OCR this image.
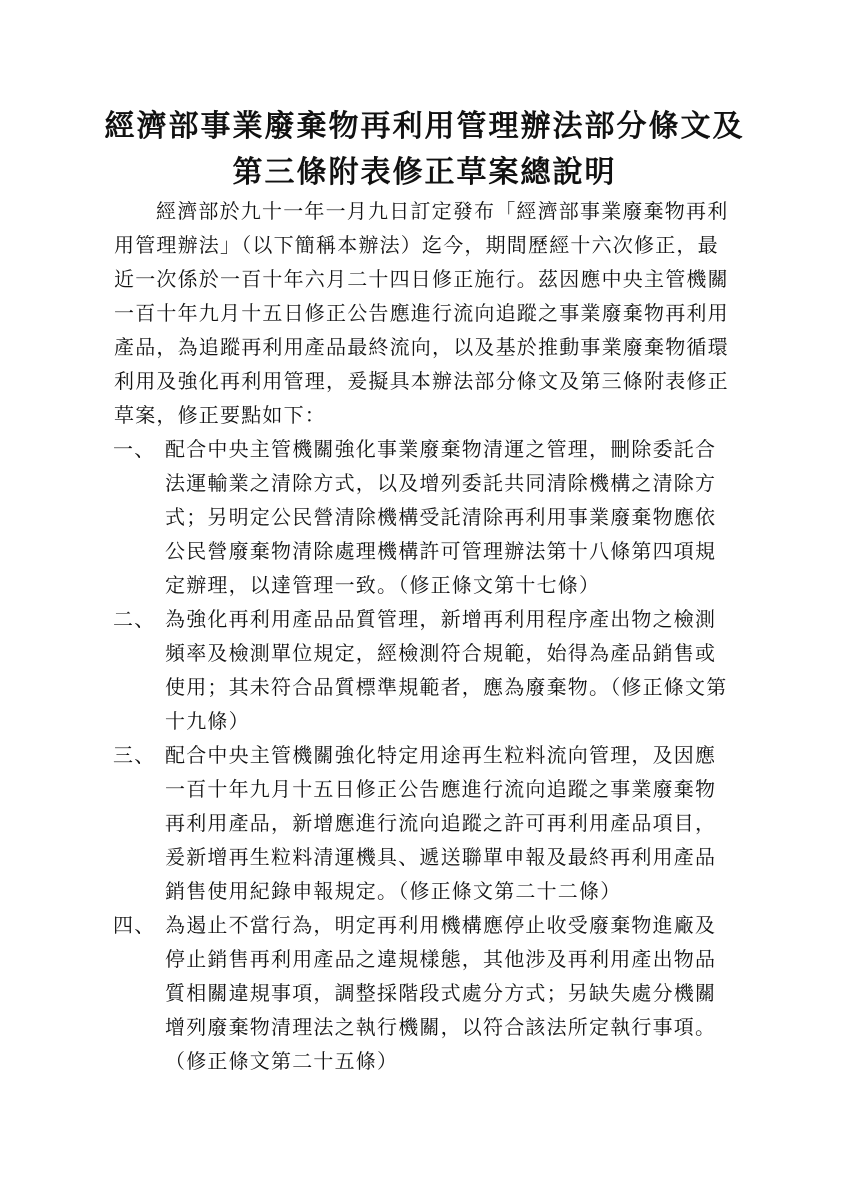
經濟部事業廢棄物再利用管理辦法部分條文及
第三條附表修正草案總說明

經濟部於九十一年一月九日訂定發布「經濟部事業廢棄物再利用管理辦法」（以下簡稱本辦法）迄今，期間歷經十六次修正，最近一次係於一百十年六月二十四日修正施行。茲因應中央主管機關一百十年九月十五日修正公告應進行流向追蹤之事業廢棄物再利用產品，為追蹤再利用產品最終流向，以及基於推動事業廢棄物循環利用及強化再利用管理，爰擬具本辦法部分條文及第三條附表修正草案，修正要點如下：

一、 配合中央主管機關強化事業廢棄物清運之管理，刪除委託合法運輸業之清除方式，以及增列委託共同清除機構之清除方式；另明定公民營清除機構受託清除再利用事業廢棄物應依公民營廢棄物清除處理機構許可管理辦法第十八條第四項規定辦理，以達管理一致。（修正條文第十七條）
二、 為強化再利用產品品質管理，新增再利用程序產出物之檢測頻率及檢測單位規定，經檢測符合規範，始得為產品銷售或使用；其未符合品質標準規範者，應為廢棄物。（修正條文第十九條）
三、 配合中央主管機關強化特定用途再生粒料流向管理，及因應一百十年九月十五日修正公告應進行流向追蹤之事業廢棄物再利用產品，新增應進行流向追蹤之許可再利用產品項目，爰新增再生粒料清運機具、遞送聯單申報及最終再利用產品銷售使用紀錄申報規定。（修正條文第二十二條）
四、 為遏止不當行為，明定再利用機構應停止收受廢棄物進廠及停止銷售再利用產品之違規樣態，其他涉及再利用產出物品質相關違規事項，調整採階段式處分方式；另缺失處分機關增列廢棄物清理法之執行機關，以符合該法所定執行事項。（修正條文第二十五條）
